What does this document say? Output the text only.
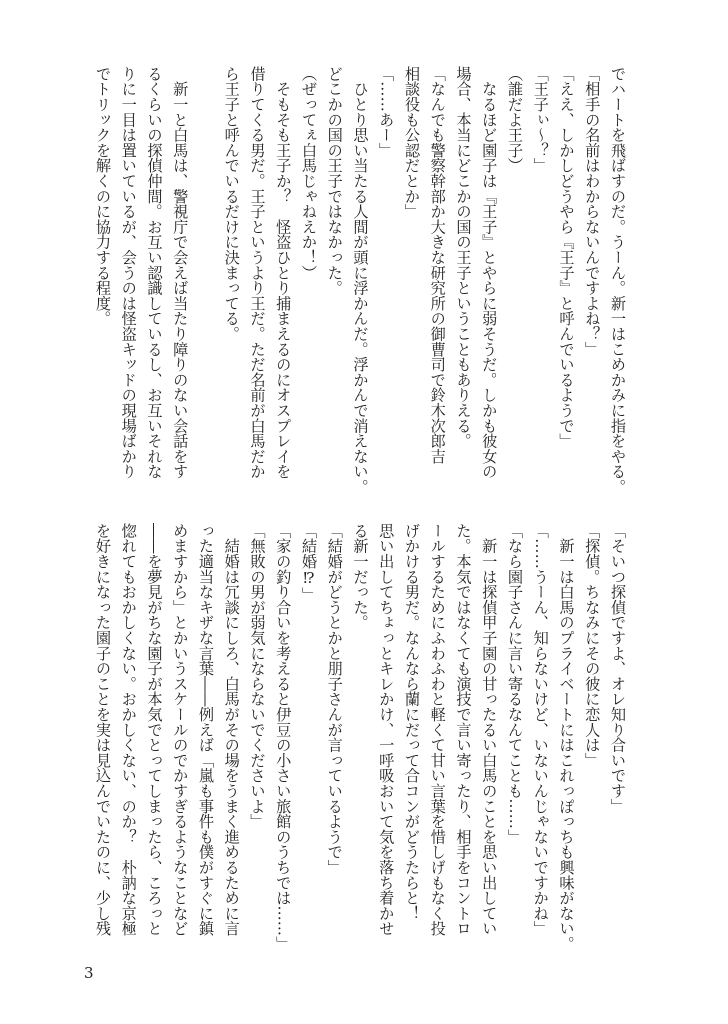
でハートを飛ばすのだ。うーん。新一はこめかみに指をやる。
「相手の名前はわからないんですよね？」
「ええ、しかしどうやら『王子』と呼んでいるようで」
「王子ぃ～？」
（誰だよ王子）
　なるほど園子は『王子』とやらに弱そうだ。しかも彼女の
場合、本当にどこかの国の王子ということもありえる。
「なんでも警察幹部か大きな研究所の御曹司で鈴木次郎吉
相談役も公認だとか」
「……あー」
　ひとり思い当たる人間が頭に浮かんだ。浮かんで消えない。
どこかの国の王子ではなかった。
（ぜってぇ白馬じゃねえか！）
　そもそも王子か？　怪盗ひとり捕まえるのにオスプレイを
借りてくる男だ。王子というより王だ。ただ名前が白馬だか
ら王子と呼んでいるだけに決まってる。

　新一と白馬は、警視庁で会えば当たり障りのない会話をす
るくらいの探偵仲間。お互い認識しているし、お互いそれな
りに一目は置いているが、会うのは怪盗キッドの現場ばかり
でトリックを解くのに協力する程度。
「そいつ探偵ですよ、オレ知り合いです」
「探偵。ちなみにその彼に恋人は」
　新一は白馬のプライベートにはこれっぽっちも興味がない。
「……うーん、知らないけど、いないんじゃないですかね」
「なら園子さんに言い寄るなんてことも……」
　新一は探偵甲子園の甘ったるい白馬のことを思い出してい
た。本気ではなくても演技で言い寄ったり、相手をコントロ
ールするためにふわふわと軽くて甘い言葉を惜しげもなく投
げかける男だ。なんなら蘭にだって合コンがどうたらと！
思い出してちょっとキレかけ、一呼吸おいて気を落ち着かせ
る新一だった。
「結婚がどうとかと朋子さんが言っているようで」
「結婚⁉」
「家の釣り合いを考えると伊豆の小さい旅館のうちでは……」
「無敗の男が弱気にならないでくださいよ」
　結婚は冗談にしろ、白馬がその場をうまく進めるために言
った適当なキザな言葉――例えば「嵐も事件も僕がすぐに鎮
めますから」とかいうスケールのでかすぎるようなことなど
――を夢見がちな園子が本気でとってしまったら、ころっと
惚れてもおかしくない。おかしくない、のか？　朴訥な京極
を好きになった園子のことを実は見込んでいたのに、少し残
3
